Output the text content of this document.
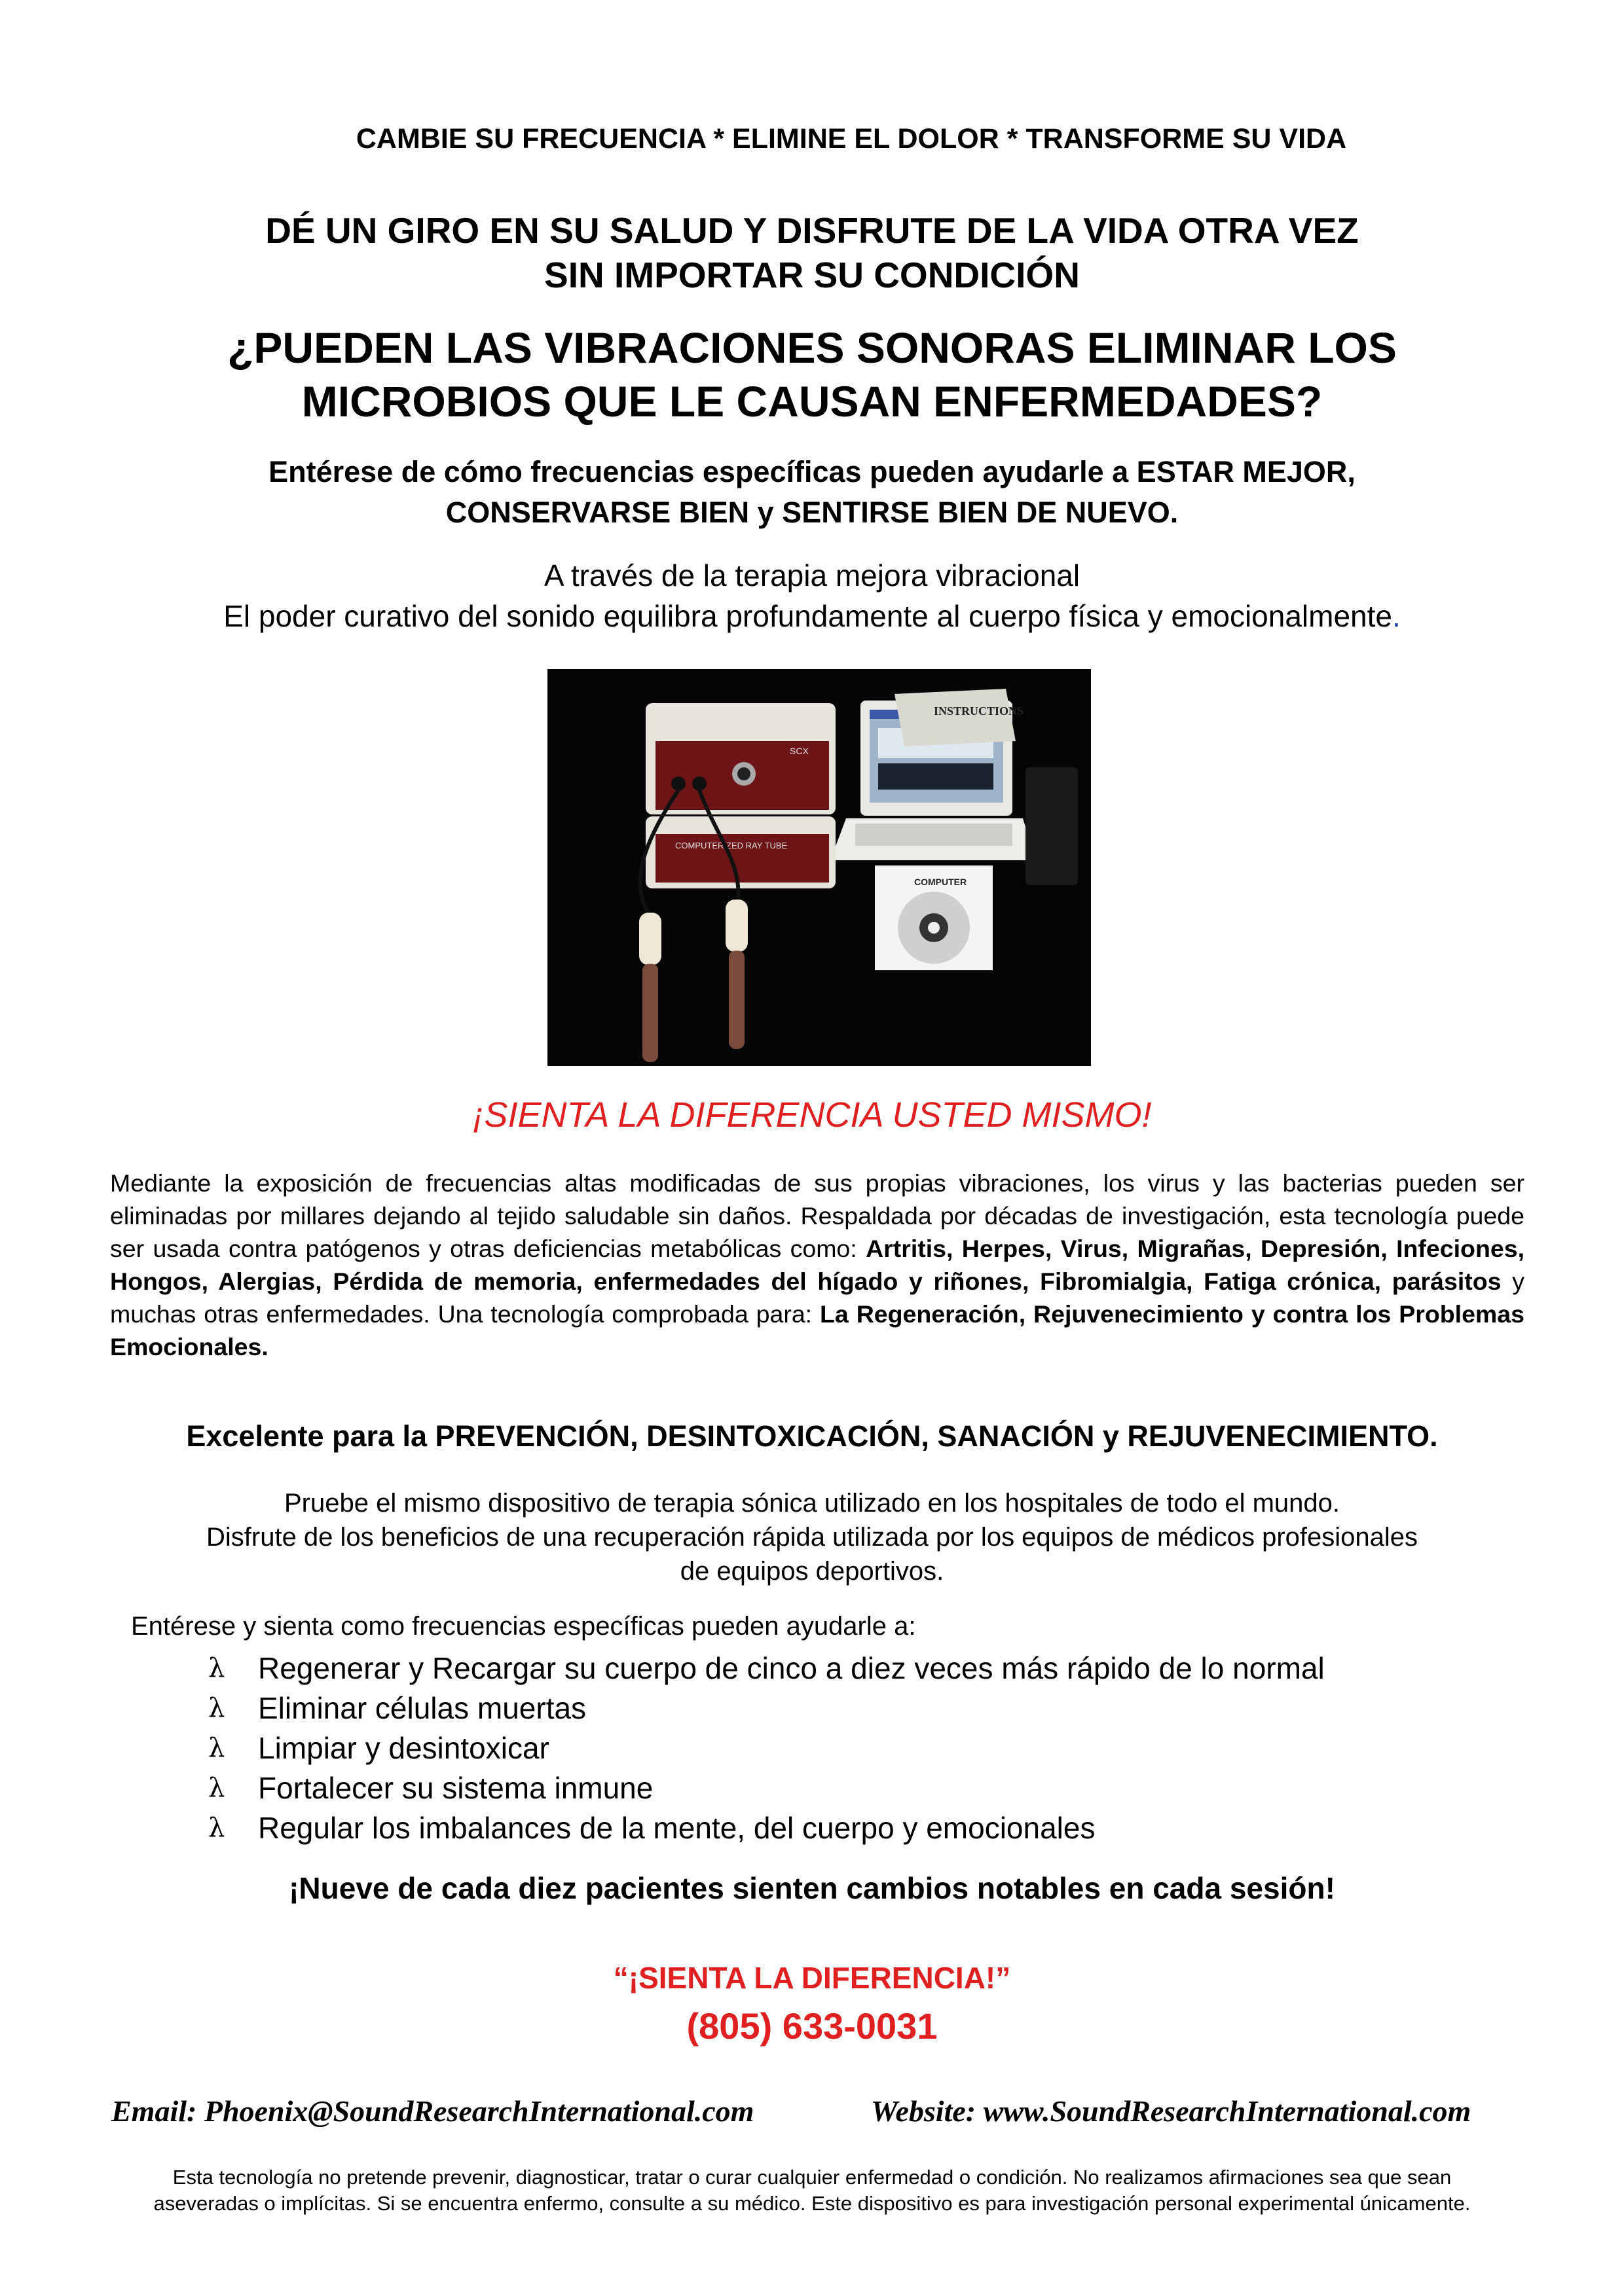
CAMBIE SU FRECUENCIA * ELIMINE EL DOLOR * TRANSFORME SU VIDA
DÉ UN GIRO EN SU SALUD Y DISFRUTE DE LA VIDA OTRA VEZ
SIN IMPORTAR SU CONDICIÓN
¿PUEDEN LAS VIBRACIONES SONORAS ELIMINAR LOS
MICROBIOS QUE LE CAUSAN ENFERMEDADES?
Entérese de cómo frecuencias específicas pueden ayudarle a ESTAR MEJOR,
CONSERVARSE BIEN y SENTIRSE BIEN DE NUEVO.
A través de la terapia mejora vibracional
El poder curativo del sonido equilibra profundamente al cuerpo física y emocionalmente.
INSTRUCTIONS
SCX
COMPUTERIZED RAY TUBE
COMPUTER
¡SIENTA LA DIFERENCIA USTED MISMO!
Mediante la exposición de frecuencias altas modificadas de sus propias vibraciones, los virus y las bacterias pueden ser eliminadas por millares dejando al tejido saludable sin daños. Respaldada por décadas de investigación, esta tecnología puede ser usada contra patógenos y otras deficiencias metabólicas como: Artritis, Herpes, Virus, Migrañas, Depresión, Infeciones, Hongos, Alergias, Pérdida de memoria, enfermedades del hígado y riñones, Fibromialgia, Fatiga crónica, parásitos y muchas otras enfermedades. Una tecnología comprobada para: La Regeneración, Rejuvenecimiento y contra los Problemas Emocionales.
Excelente para la PREVENCIÓN, DESINTOXICACIÓN, SANACIÓN y REJUVENECIMIENTO.
Pruebe el mismo dispositivo de terapia sónica utilizado en los hospitales de todo el mundo.
Disfrute de los beneficios de una recuperación rápida utilizada por los equipos de médicos profesionales
de equipos deportivos.
Entérese y sienta como frecuencias específicas pueden ayudarle a:
λ Regenerar y Recargar su cuerpo de cinco a diez veces más rápido de lo normal
λ Eliminar células muertas
λ Limpiar y desintoxicar
λ Fortalecer su sistema inmune
λ Regular los imbalances de la mente, del cuerpo y emocionales
¡Nueve de cada diez pacientes sienten cambios notables en cada sesión!
“¡SIENTA LA DIFERENCIA!”
(805) 633-0031
Email: Phoenix@SoundResearchInternational.com	Website: www.SoundResearchInternational.com
Esta tecnología no pretende prevenir, diagnosticar, tratar o curar cualquier enfermedad o condición. No realizamos afirmaciones sea que sean
aseveradas o implícitas. Si se encuentra enfermo, consulte a su médico. Este dispositivo es para investigación personal experimental únicamente.
